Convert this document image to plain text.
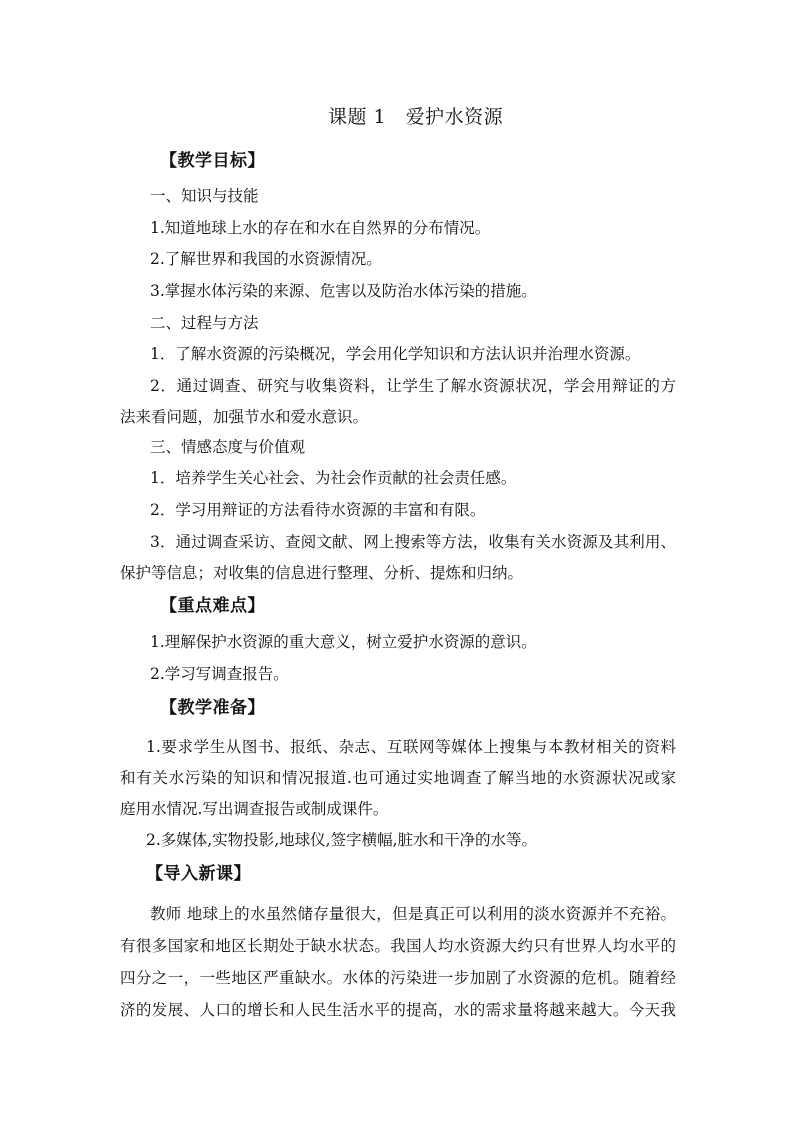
课题 1　爱护水资源
【教学目标】
一、知识与技能
1.知道地球上水的存在和水在自然界的分布情况。
2.了解世界和我国的水资源情况。
3.掌握水体污染的来源、危害以及防治水体污染的措施。
二、过程与方法
1．了解水资源的污染概况，学会用化学知识和方法认识并治理水资源。
2．通过调查、研究与收集资料，让学生了解水资源状况，学会用辩证的方
法来看问题，加强节水和爱水意识。
三、情感态度与价值观
1．培养学生关心社会、为社会作贡献的社会责任感。
2．学习用辩证的方法看待水资源的丰富和有限。
3．通过调查采访、查阅文献、网上搜索等方法，收集有关水资源及其利用、
保护等信息；对收集的信息进行整理、分析、提炼和归纳。
【重点难点】
1.理解保护水资源的重大意义，树立爱护水资源的意识。
2.学习写调查报告。
【教学准备】
1.要求学生从图书、报纸、杂志、互联网等媒体上搜集与本教材相关的资料
和有关水污染的知识和情况报道.也可通过实地调查了解当地的水资源状况或家
庭用水情况.写出调查报告或制成课件。
2.多媒体,实物投影,地球仪,签字横幅,脏水和干净的水等。
【导入新课】
教师 地球上的水虽然储存量很大，但是真正可以利用的淡水资源并不充裕。
有很多国家和地区长期处于缺水状态。我国人均水资源大约只有世界人均水平的
四分之一，一些地区严重缺水。水体的污染进一步加剧了水资源的危机。随着经
济的发展、人口的增长和人民生活水平的提高，水的需求量将越来越大。今天我
